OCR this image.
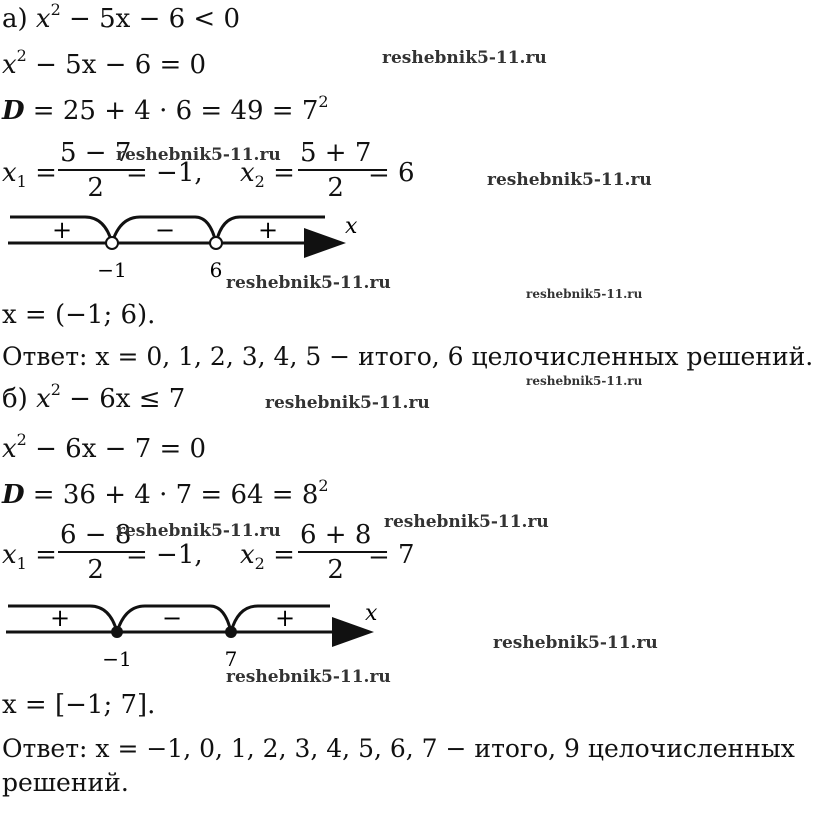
а) $x^2 - 5x - 6 < 0$
$x^2 - 5x - 6 = 0$
$D = 25 + 4 \cdot 6 = 49 = 7^2$
$x_1$ =
5 − 7
2 = −1, $x_2$ =
5 + 7
2 = 6
+	−	+	x
−1	6
x = (−1; 6).
Ответ: x = 0, 1, 2, 3, 4, 5 − итого, 6 целочисленных решений.
б) $x^2 - 6x \le 7$
$x^2 - 6x - 7 = 0$
$D = 36 + 4 \cdot 7 = 64 = 8^2$
$x_1$ =
6 − 8
2 = −1, $x_2$ =
6 + 8
2 = 7
+	−	+	x
−1	7
x = [−1; 7].
Ответ: x = −1, 0, 1, 2, 3, 4, 5, 6, 7 − итого, 9 целочисленных
решений.
reshebnik5-11.ru
reshebnik5-11.ru
reshebnik5-11.ru
reshebnik5-11.ru
reshebnik5-11.ru
reshebnik5-11.ru
reshebnik5-11.ru
reshebnik5-11.ru
reshebnik5-11.ru
reshebnik5-11.ru
reshebnik5-11.ru
